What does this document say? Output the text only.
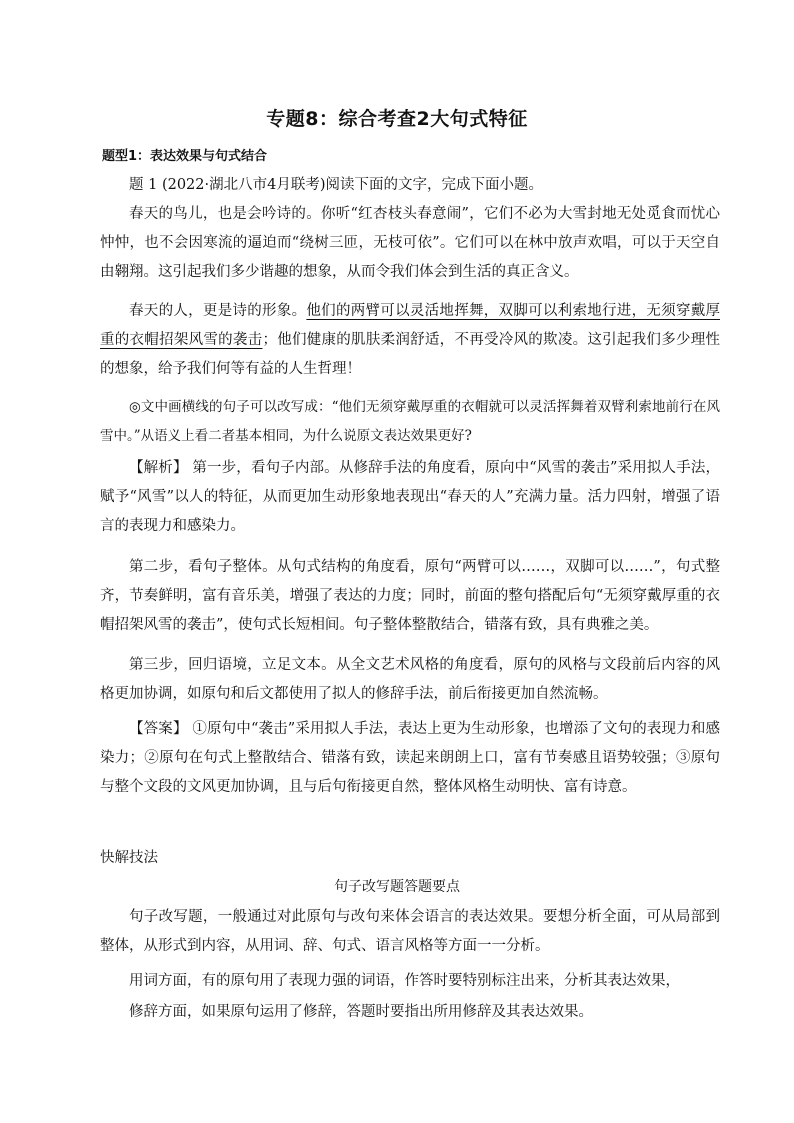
专题8：综合考查2大句式特征
题型1：表达效果与句式结合
题 1 (2022·湖北八市4月联考)阅读下面的文字，完成下面小题。
春天的鸟儿，也是会吟诗的。你听“红杏枝头春意闹”，它们不必为大雪封地无处觅食而忧心忡忡，也不会因寒流的逼迫而“绕树三匝，无枝可依”。它们可以在林中放声欢唱，可以于天空自由翱翔。这引起我们多少谐趣的想象，从而令我们体会到生活的真正含义。
春天的人，更是诗的形象。他们的两臂可以灵活地挥舞，双脚可以利索地行进，无须穿戴厚重的衣帽招架风雪的袭击；他们健康的肌肤柔润舒适，不再受冷风的欺凌。这引起我们多少理性的想象，给予我们何等有益的人生哲理！
◎文中画横线的句子可以改写成：“他们无须穿戴厚重的衣帽就可以灵活挥舞着双臂利索地前行在风雪中。”从语义上看二者基本相同，为什么说原文表达效果更好?
【解析】 第一步，看句子内部。从修辞手法的角度看，原向中“风雪的袭击”采用拟人手法，赋予“风雪”以人的特征，从而更加生动形象地表现出“春天的人”充满力量。活力四射，增强了语言的表现力和感染力。
第二步，看句子整体。从句式结构的角度看，原句“两臂可以……，双脚可以……”，句式整齐，节奏鲜明，富有音乐美，增强了表达的力度；同时，前面的整句搭配后句“无须穿戴厚重的衣帽招架风雪的袭击”，使句式长短相间。句子整体整散结合，错落有致，具有典雅之美。
第三步，回归语境，立足文本。从全文艺术风格的角度看，原句的风格与文段前后内容的风格更加协调，如原句和后文都使用了拟人的修辞手法，前后衔接更加自然流畅。
【答案】 ①原句中“袭击”采用拟人手法，表达上更为生动形象，也增添了文句的表现力和感染力；②原句在句式上整散结合、错落有致，读起来朗朗上口，富有节奏感且语势较强；③原句与整个文段的文风更加协调，且与后句衔接更自然，整体风格生动明快、富有诗意。
快解技法
句子改写题答题要点
句子改写题，一般通过对此原句与改句来体会语言的表达效果。要想分析全面，可从局部到整体，从形式到内容，从用词、辞、句式、语言风格等方面一一分析。
用词方面，有的原句用了表现力强的词语，作答时要特别标注出来，分析其表达效果，
修辞方面，如果原句运用了修辞，答题时要指出所用修辞及其表达效果。
